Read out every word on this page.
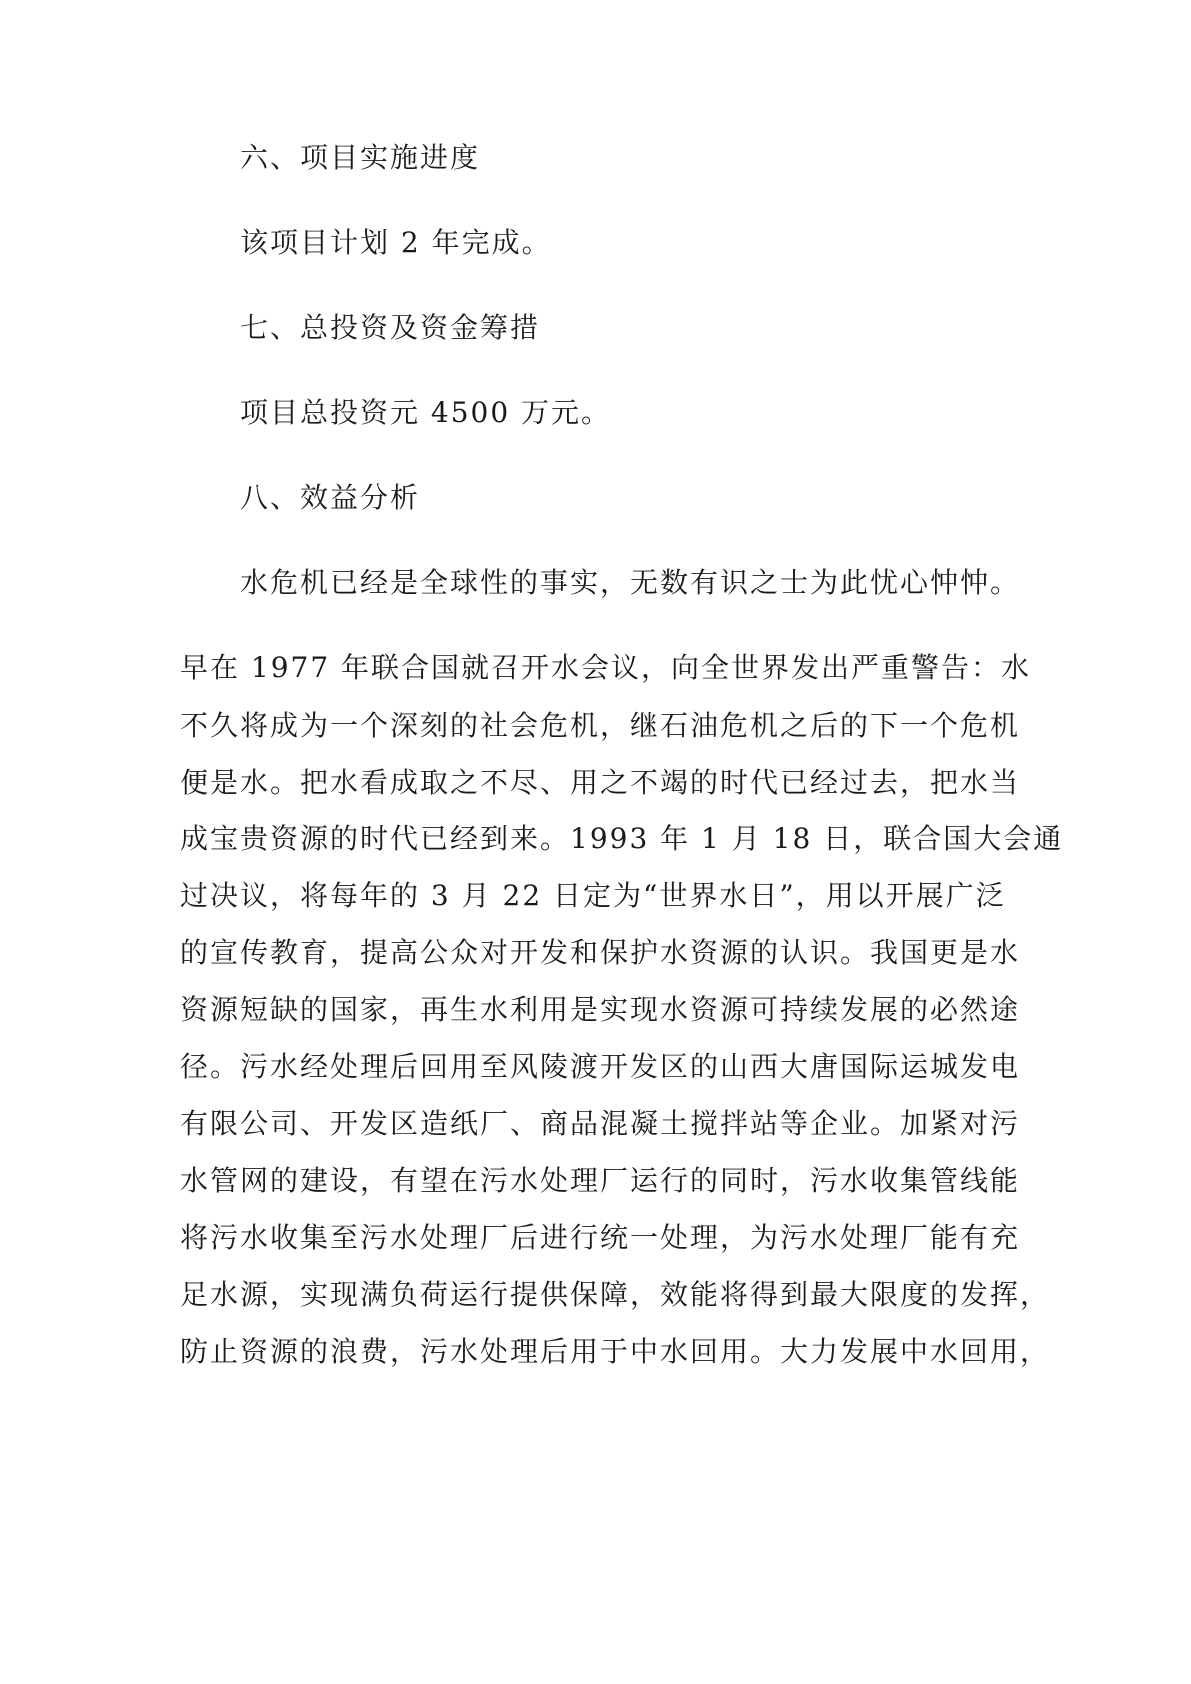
六、项目实施进度
该项目计划 2 年完成。
七、总投资及资金筹措
项目总投资元 4500 万元。
八、效益分析
水危机已经是全球性的事实，无数有识之士为此忧心忡忡。
早在 1977 年联合国就召开水会议，向全世界发出严重警告：水
不久将成为一个深刻的社会危机，继石油危机之后的下一个危机
便是水。把水看成取之不尽、用之不竭的时代已经过去，把水当
成宝贵资源的时代已经到来。1993 年 1 月 18 日，联合国大会通
过决议，将每年的 3 月 22 日定为“世界水日”，用以开展广泛
的宣传教育，提高公众对开发和保护水资源的认识。我国更是水
资源短缺的国家，再生水利用是实现水资源可持续发展的必然途
径。污水经处理后回用至风陵渡开发区的山西大唐国际运城发电
有限公司、开发区造纸厂、商品混凝土搅拌站等企业。加紧对污
水管网的建设，有望在污水处理厂运行的同时，污水收集管线能
将污水收集至污水处理厂后进行统一处理，为污水处理厂能有充
足水源，实现满负荷运行提供保障，效能将得到最大限度的发挥，
防止资源的浪费，污水处理后用于中水回用。大力发展中水回用，
